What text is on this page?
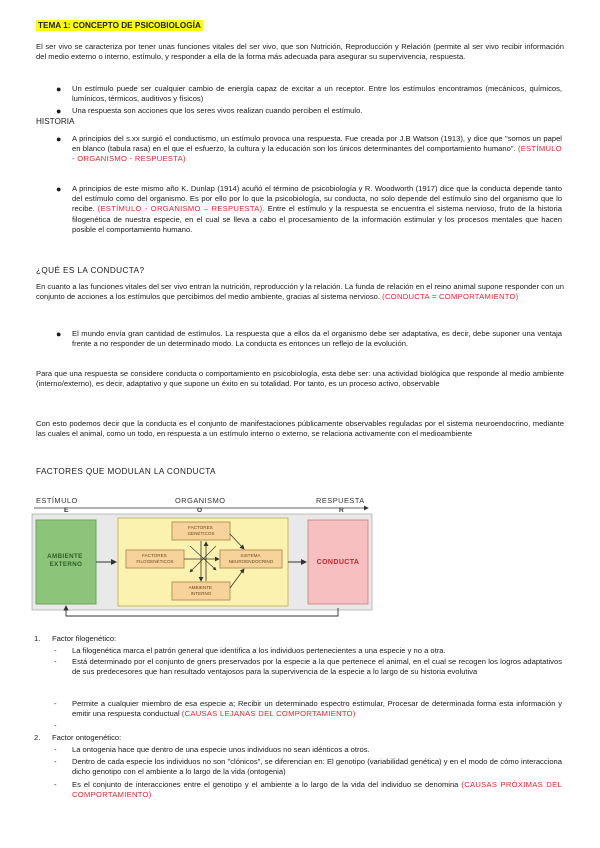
TEMA 1: CONCEPTO DE PSICOBIOLOGÍA
El ser vivo se caracteriza por tener unas funciones vitales del ser vivo, que son Nutrición, Reproducción y Relación (permite al ser vivo recibir información del medio externo o interno, estímulo, y responder a ella de la forma más adecuada para asegurar su supervivencia, respuesta.
● Un estímulo puede ser cualquier cambio de energía capaz de excitar a un receptor. Entre los estímulos encontramos (mecánicos, químicos, lumínicos, térmicos, auditivos y físicos)
● Una respuesta son acciones que los seres vivos realizan cuando perciben el estímulo.
HISTORIA
● A principios del s.xx surgió el conductismo, un estímulo provoca una respuesta. Fue creada por J.B Watson (1913), y dice que "somos un papel en blanco (tabula rasa) en el que el esfuerzo, la cultura y la educación son los únicos determinantes del comportamiento humano". (ESTÍMULO - ORGANISMO - RESPUESTA)
● A principios de este mismo año K. Dunlap (1914) acuñó el término de psicobiología y R. Woodworth (1917) dice que la conducta depende tanto del estímulo como del organismo. Es por ello por lo que la psicobiología, su conducta, no solo depende del estímulo sino del organismo que lo recibe. (ESTÍMULO - ORGANISMO – RESPUESTA). Entre el estímulo y la respuesta se encuentra el sistema nervioso, fruto de la historia filogenética de nuestra especie, en el cual se lleva a cabo el procesamiento de la información estimular y los procesos mentales que hacen posible el comportamiento humano.
¿QUÉ ES LA CONDUCTA?
En cuanto a las funciones vitales del ser vivo entran la nutrición, reproducción y la relación. La funda de relación en el reino animal supone responder con un conjunto de acciones a los estímulos que percibimos del medio ambiente, gracias al sistema nervioso. (CONDUCTA = COMPORTAMIENTO)
● El mundo envía gran cantidad de estímulos. La respuesta que a ellos da el organismo debe ser adaptativa, es decir, debe suponer una ventaja frente a no responder de un determinado modo. La conducta es entonces un reflejo de la evolución.
Para que una respuesta se considere conducta o comportamiento en psicobiología, esta debe ser: una actividad biológica que responde al medio ambiente (interno/externo), es decir, adaptativo y que supone un éxito en su totalidad. Por tanto, es un proceso activo, observable
Con esto podemos decir que la conducta es el conjunto de manifestaciones públicamente observables reguladas por el sistema neuroendocrino, mediante las cuales el animal, como un todo, en respuesta a un estímulo interno o externo, se relaciona activamente con el medioambiente
FACTORES QUE MODULAN LA CONDUCTA
ESTÍMULO
E
ORGANISMO
O
RESPUESTA
R
AMBIENTE EXTERNO
FACTORES GENÉTICOS
FACTORES FILOGENÉTICOS
SISTEMA NEUROENDOCRINO
AMBIENTE INTERNO
CONDUCTA
1. Factor filogenético:
- La filogenética marca el patrón general que identifica a los individuos pertenecientes a una especie y no a otra.
- Está determinado por el conjunto de gners preservados por la especie a la que pertenece el animal, en el cual se recogen los logros adaptativos de sus predecesores que han resultado ventajosos para la supervivencia de la especie a lo largo de su historia evolutiva
- Permite a cualquier miembro de esa especie a; Recibir un determinado espectro estimular, Procesar de determinada forma esta información y emitir una respuesta conductual (CAUSAS LEJANAS DEL COMPORTAMIENTO)
-
2. Factor ontogenético:
- La ontogenia hace que dentro de una especie unos individuos no sean idénticos a otros.
- Dentro de cada especie los individuos no son "clónicos", se diferencian en: El genotipo (variabilidad genética) y en el modo de cómo interacciona dicho genotipo con el ambiente a lo largo de la vida (ontogenia)
- Es el conjunto de interacciones entre el genotipo y el ambiente a lo largo de la vida del individuo se denomina (CAUSAS PRÓXIMAS DEL COMPORTAMIENTO)
